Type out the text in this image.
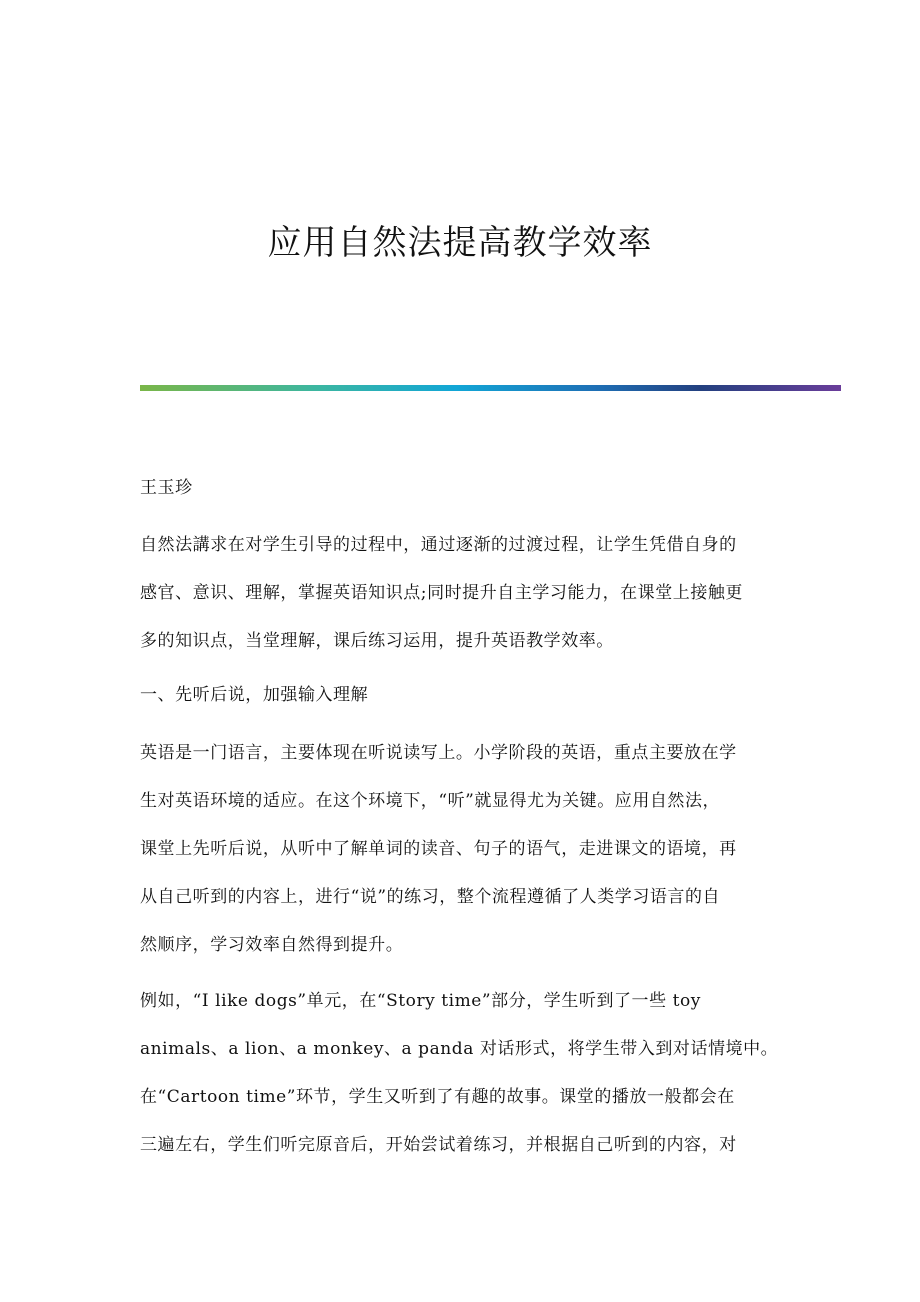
应用自然法提高教学效率
王玉珍
自然法講求在对学生引导的过程中，通过逐渐的过渡过程，让学生凭借自身的
感官、意识、理解，掌握英语知识点;同时提升自主学习能力，在课堂上接触更
多的知识点，当堂理解，课后练习运用，提升英语教学效率。
一、先听后说，加强输入理解
英语是一门语言，主要体现在听说读写上。小学阶段的英语，重点主要放在学
生对英语环境的适应。在这个环境下，“听”就显得尤为关键。应用自然法，
课堂上先听后说，从听中了解单词的读音、句子的语气，走进课文的语境，再
从自己听到的内容上，进行“说”的练习，整个流程遵循了人类学习语言的自
然顺序，学习效率自然得到提升。
例如，“I like dogs”单元，在“Story time”部分，学生听到了一些 toy
animals、a lion、a monkey、a panda 对话形式，将学生带入到对话情境中。
在“Cartoon time”环节，学生又听到了有趣的故事。课堂的播放一般都会在
三遍左右，学生们听完原音后，开始尝试着练习，并根据自己听到的内容，对
